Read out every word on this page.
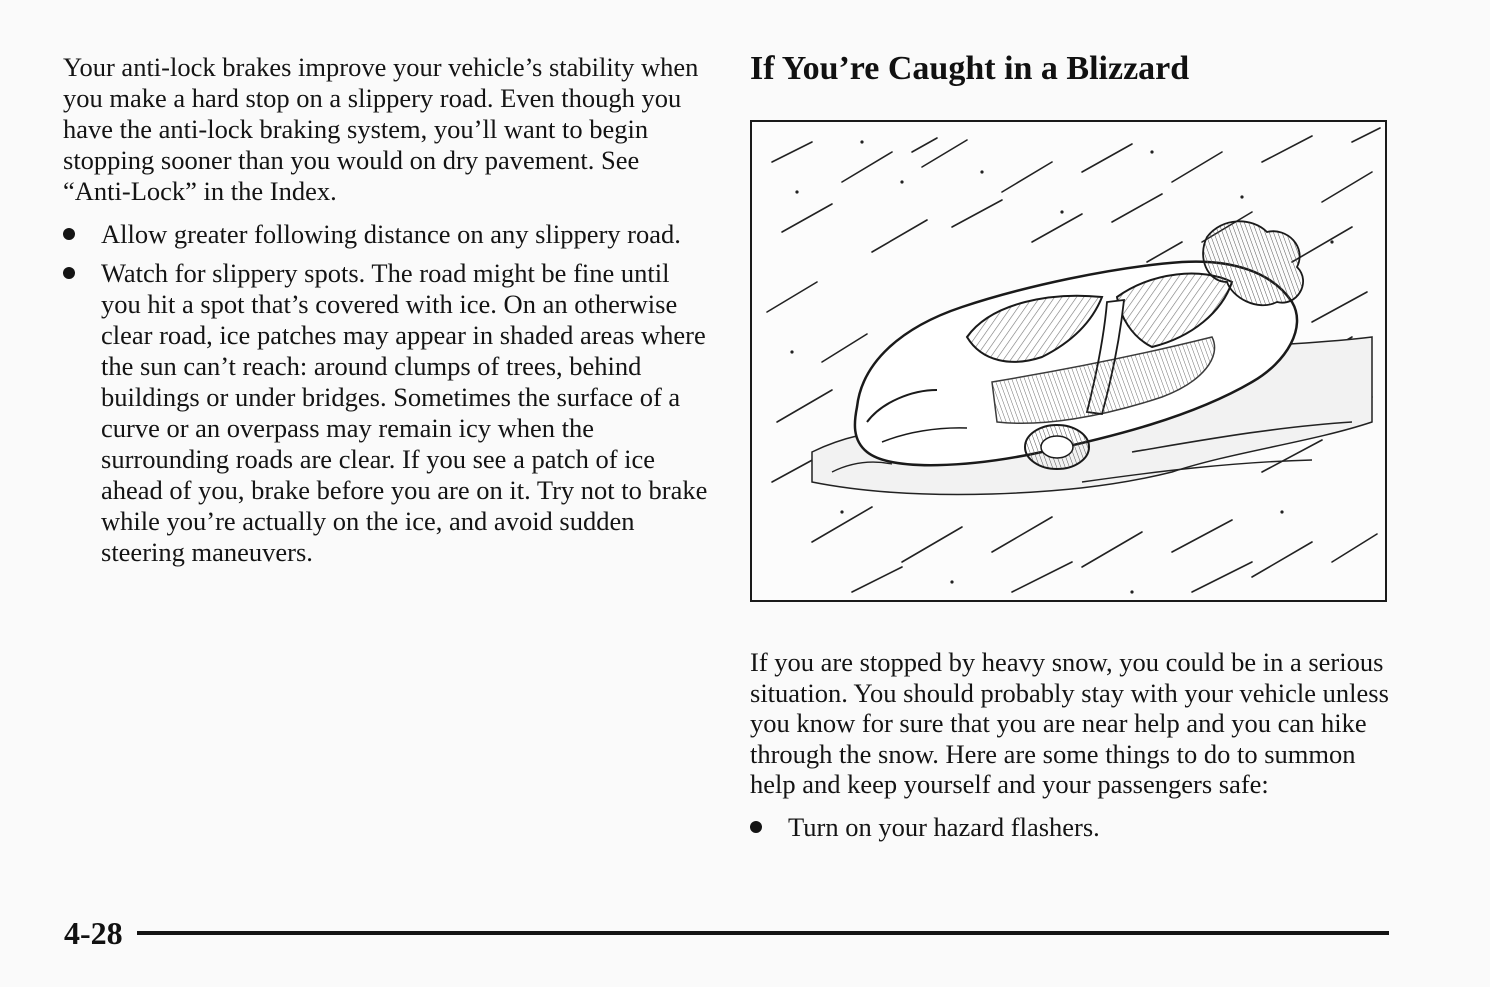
Your anti-lock brakes improve your vehicle’s stability when you make a hard stop on a slippery road. Even though you have the anti-lock braking system, you’ll want to begin stopping sooner than you would on dry pavement. See “Anti-Lock” in the Index.

Allow greater following distance on any slippery road.
Watch for slippery spots. The road might be fine until you hit a spot that’s covered with ice. On an otherwise clear road, ice patches may appear in shaded areas where the sun can’t reach: around clumps of trees, behind buildings or under bridges. Sometimes the surface of a curve or an overpass may remain icy when the surrounding roads are clear. If you see a patch of ice ahead of you, brake before you are on it. Try not to brake while you’re actually on the ice, and avoid sudden steering maneuvers.
If You’re Caught in a Blizzard

If you are stopped by heavy snow, you could be in a serious situation. You should probably stay with your vehicle unless you know for sure that you are near help and you can hike through the snow. Here are some things to do to summon help and keep yourself and your passengers safe:

Turn on your hazard flashers.
4-28
